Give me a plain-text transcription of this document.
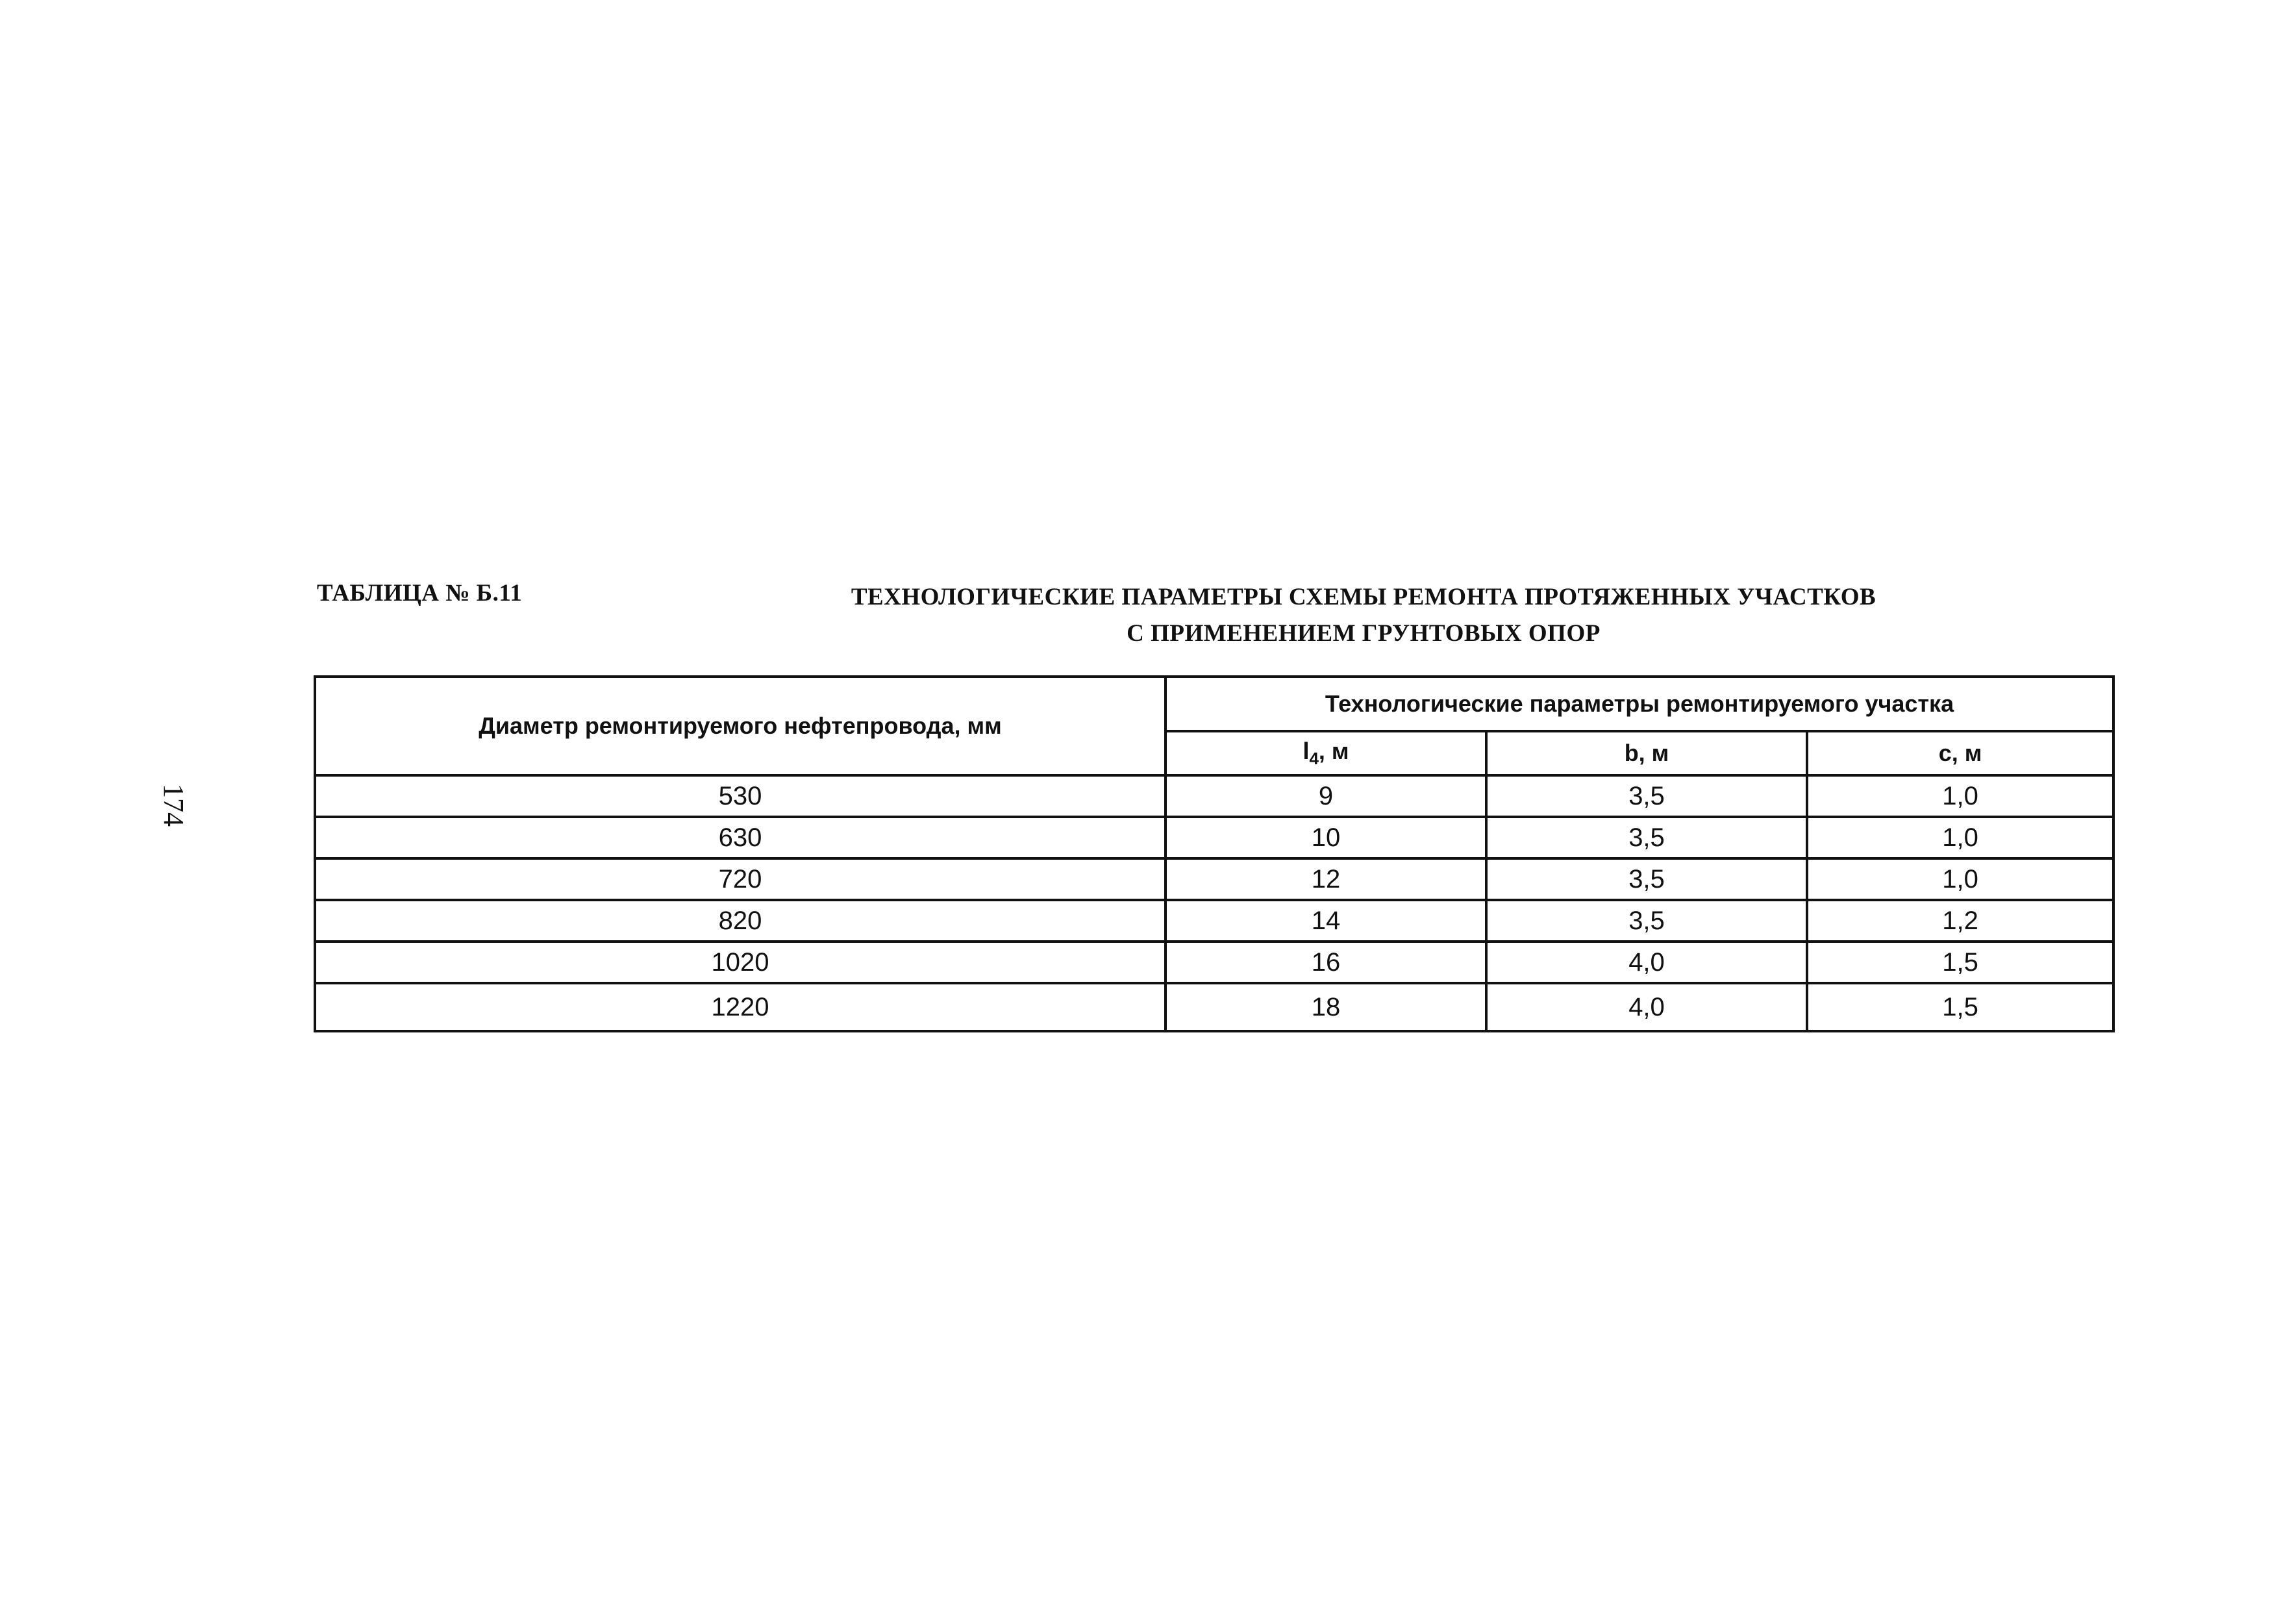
174
ТАБЛИЦА № Б.11	ТЕХНОЛОГИЧЕСКИЕ ПАРАМЕТРЫ СХЕМЫ РЕМОНТА ПРОТЯЖЕННЫХ УЧАСТКОВ
С ПРИМЕНЕНИЕМ ГРУНТОВЫХ ОПОР
Диаметр ремонтируемого нефтепровода, мм	Технологические параметры ремонтируемого участка		
	$l_4$, м	b, м	c, м
530	9	3,5	1,0
630	10	3,5	1,0
720	12	3,5	1,0
820	14	3,5	1,2
1020	16	4,0	1,5
1220	18	4,0	1,5
